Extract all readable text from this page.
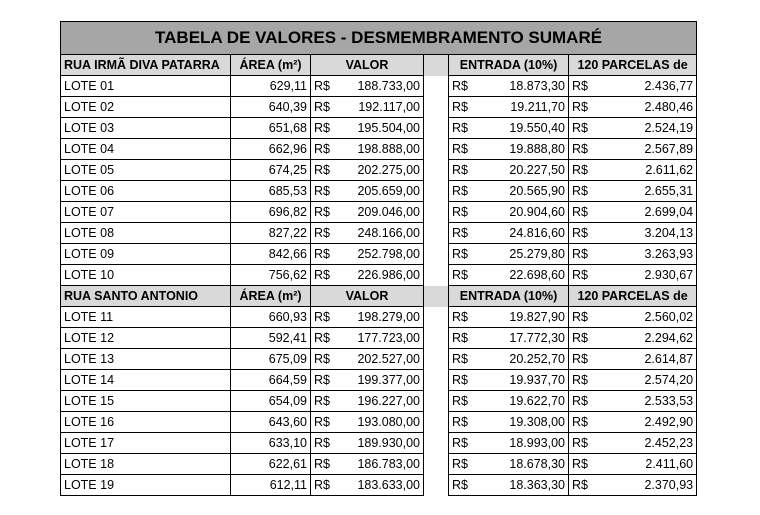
TABELA DE VALORES - DESMEMBRAMENTO SUMARÉ								
RUA IRMÃ DIVA PATARRA	ÁREA (m²)	VALOR			ENTRADA (10%)		120 PARCELAS de	
LOTE 01	629,11	R$	188.733,00		R$	18.873,30	R$	2.436,77
LOTE 02	640,39	R$	192.117,00		R$	19.211,70	R$	2.480,46
LOTE 03	651,68	R$	195.504,00		R$	19.550,40	R$	2.524,19
LOTE 04	662,96	R$	198.888,00		R$	19.888,80	R$	2.567,89
LOTE 05	674,25	R$	202.275,00		R$	20.227,50	R$	2.611,62
LOTE 06	685,53	R$	205.659,00		R$	20.565,90	R$	2.655,31
LOTE 07	696,82	R$	209.046,00		R$	20.904,60	R$	2.699,04
LOTE 08	827,22	R$	248.166,00		R$	24.816,60	R$	3.204,13
LOTE 09	842,66	R$	252.798,00		R$	25.279,80	R$	3.263,93
LOTE 10	756,62	R$	226.986,00		R$	22.698,60	R$	2.930,67
RUA SANTO ANTONIO	ÁREA (m²)	VALOR			ENTRADA (10%)		120 PARCELAS de	
LOTE 11	660,93	R$	198.279,00		R$	19.827,90	R$	2.560,02
LOTE 12	592,41	R$	177.723,00		R$	17.772,30	R$	2.294,62
LOTE 13	675,09	R$	202.527,00		R$	20.252,70	R$	2.614,87
LOTE 14	664,59	R$	199.377,00		R$	19.937,70	R$	2.574,20
LOTE 15	654,09	R$	196.227,00		R$	19.622,70	R$	2.533,53
LOTE 16	643,60	R$	193.080,00		R$	19.308,00	R$	2.492,90
LOTE 17	633,10	R$	189.930,00		R$	18.993,00	R$	2.452,23
LOTE 18	622,61	R$	186.783,00		R$	18.678,30	R$	2.411,60
LOTE 19	612,11	R$	183.633,00		R$	18.363,30	R$	2.370,93
